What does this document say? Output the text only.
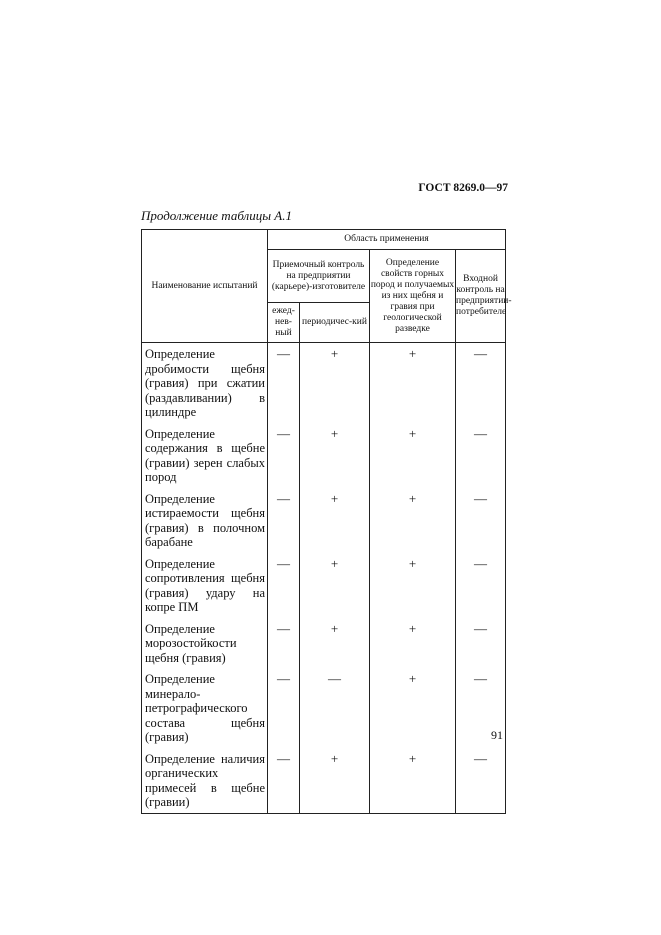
ГОСТ 8269.0—97
Продолжение таблицы А.1
Наименование испытаний	Область применения			
	Приемочный контроль на предприятии (карьере)-изготовителе		Определение свойств горных пород и получаемых из них щебня и гравия при геологической разведке	Входной контроль на предприятии-потребителе
	ежед-нев-ный	периодичес-кий		
Определение дробимости щебня (гравия) при сжатии (раздавливании) в цилиндре	—	+	+	—
Определение содержания в щебне (гравии) зерен слабых пород	—	+	+	—
Определение истираемости щебня (гравия) в полочном барабане	—	+	+	—
Определение сопротивления щебня (гравия) удару на копре ПМ	—	+	+	—
Определение морозостойкости щебня (гравия)	—	+	+	—
Определение минерало-петрографического состава щебня (гравия)	—	—	+	—
Определение наличия органических примесей в щебне (гравии)	—	+	+	—
91
